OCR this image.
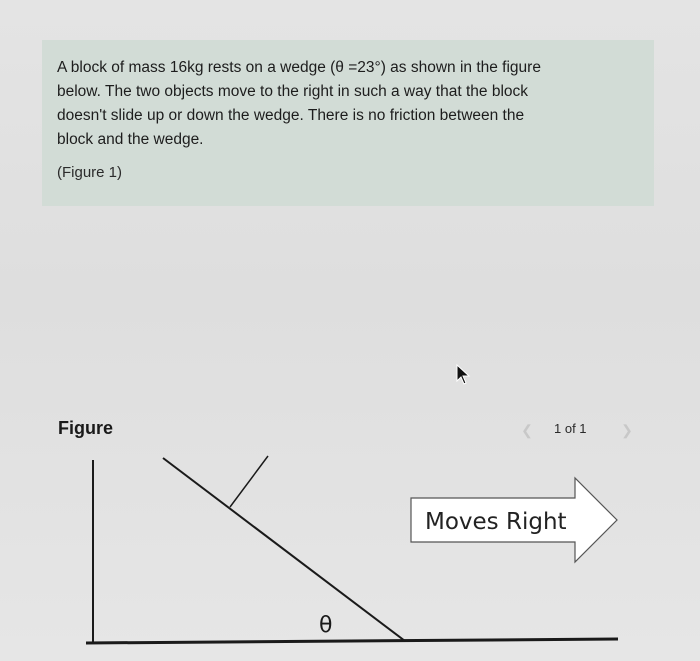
A block of mass 16kg rests on a wedge (θ =23°) as shown in the figure
below. The two objects move to the right in such a way that the block
doesn't slide up or down the wedge. There is no friction between the
block and the wedge.

(Figure 1)
Figure	❮ 1 of 1 ❯
θ
Moves Right
